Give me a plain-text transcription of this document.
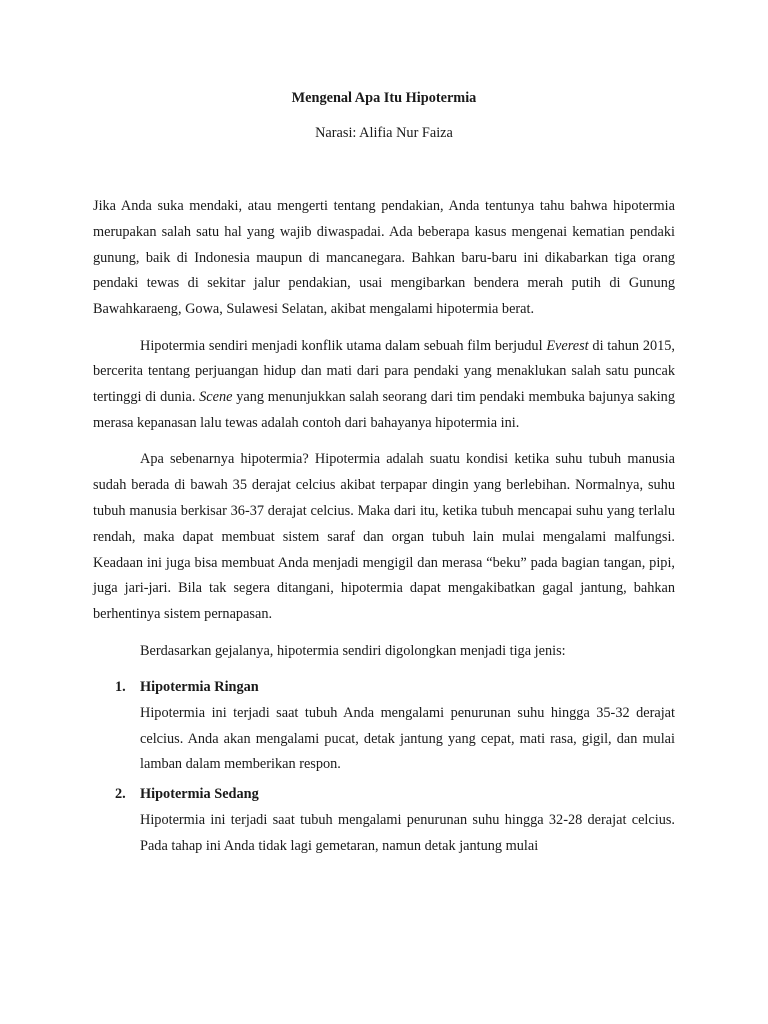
Mengenal Apa Itu Hipotermia
Narasi: Alifia Nur Faiza

Jika Anda suka mendaki, atau mengerti tentang pendakian, Anda tentunya tahu bahwa hipotermia merupakan salah satu hal yang wajib diwaspadai. Ada beberapa kasus mengenai kematian pendaki gunung, baik di Indonesia maupun di mancanegara. Bahkan baru-baru ini dikabarkan tiga orang pendaki tewas di sekitar jalur pendakian, usai mengibarkan bendera merah putih di Gunung Bawahkaraeng, Gowa, Sulawesi Selatan, akibat mengalami hipotermia berat.

Hipotermia sendiri menjadi konflik utama dalam sebuah film berjudul Everest di tahun 2015, bercerita tentang perjuangan hidup dan mati dari para pendaki yang menaklukan salah satu puncak tertinggi di dunia. Scene yang menunjukkan salah seorang dari tim pendaki membuka bajunya saking merasa kepanasan lalu tewas adalah contoh dari bahayanya hipotermia ini.

Apa sebenarnya hipotermia? Hipotermia adalah suatu kondisi ketika suhu tubuh manusia sudah berada di bawah 35 derajat celcius akibat terpapar dingin yang berlebihan. Normalnya, suhu tubuh manusia berkisar 36-37 derajat celcius. Maka dari itu, ketika tubuh mencapai suhu yang terlalu rendah, maka dapat membuat sistem saraf dan organ tubuh lain mulai mengalami malfungsi. Keadaan ini juga bisa membuat Anda menjadi mengigil dan merasa “beku” pada bagian tangan, pipi, juga jari-jari. Bila tak segera ditangani, hipotermia dapat mengakibatkan gagal jantung, bahkan berhentinya sistem pernapasan.

Berdasarkan gejalanya, hipotermia sendiri digolongkan menjadi tiga jenis:

1. Hipotermia Ringan
Hipotermia ini terjadi saat tubuh Anda mengalami penurunan suhu hingga 35-32 derajat celcius. Anda akan mengalami pucat, detak jantung yang cepat, mati rasa, gigil, dan mulai lamban dalam memberikan respon.
2. Hipotermia Sedang
Hipotermia ini terjadi saat tubuh mengalami penurunan suhu hingga 32-28 derajat celcius. Pada tahap ini Anda tidak lagi gemetaran, namun detak jantung mulai
